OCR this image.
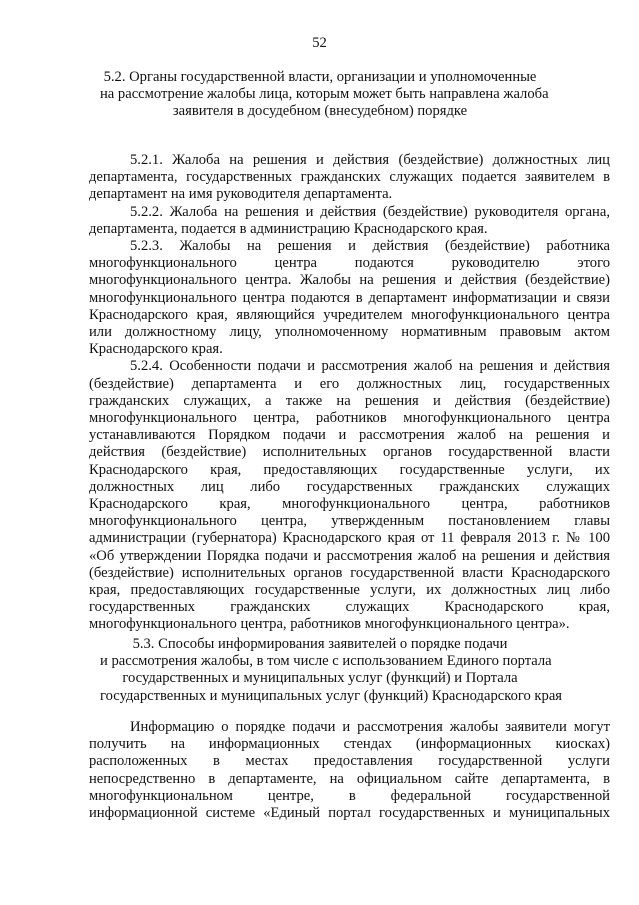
52
5.2. Органы государственной власти, организации и уполномоченные
на рассмотрение жалобы лица, которым может быть направлена жалоба
заявителя в досудебном (внесудебном) порядке

5.2.1. Жалоба на решения и действия (бездействие) должностных лиц

департамента, государственных гражданских служащих подается заявителем в

департамент на имя руководителя департамента.

5.2.2. Жалоба на решения и действия (бездействие) руководителя органа,

департамента, подается в администрацию Краснодарского края.

5.2.3. Жалобы на решения и действия (бездействие) работника

многофункционального центра подаются руководителю этого

многофункционального центра. Жалобы на решения и действия (бездействие)

многофункционального центра подаются в департамент информатизации и связи

Краснодарского края, являющийся учредителем многофункционального центра

или должностному лицу, уполномоченному нормативным правовым актом

Краснодарского края.

5.2.4. Особенности подачи и рассмотрения жалоб на решения и действия

(бездействие) департамента и его должностных лиц, государственных

гражданских служащих, а также на решения и действия (бездействие)

многофункционального центра, работников многофункционального центра

устанавливаются Порядком подачи и рассмотрения жалоб на решения и

действия (бездействие) исполнительных органов государственной власти

Краснодарского края, предоставляющих государственные услуги, их

должностных лиц либо государственных гражданских служащих

Краснодарского края, многофункционального центра, работников

многофункционального центра, утвержденным постановлением главы

администрации (губернатора) Краснодарского края от 11 февраля 2013 г. № 100

«Об утверждении Порядка подачи и рассмотрения жалоб на решения и действия

(бездействие) исполнительных органов государственной власти Краснодарского

края, предоставляющих государственные услуги, их должностных лиц либо

государственных гражданских служащих Краснодарского края,

многофункционального центра, работников многофункционального центра».

5.3. Способы информирования заявителей о порядке подачи
и рассмотрения жалобы, в том числе с использованием Единого портала
государственных и муниципальных услуг (функций) и Портала
государственных и муниципальных услуг (функций) Краснодарского края

Информацию о порядке подачи и рассмотрения жалобы заявители могут

получить на информационных стендах (информационных киосках)

расположенных в местах предоставления государственной услуги

непосредственно в департаменте, на официальном сайте департамента, в

многофункциональном центре, в федеральной государственной

информационной системе «Единый портал государственных и муниципальных
